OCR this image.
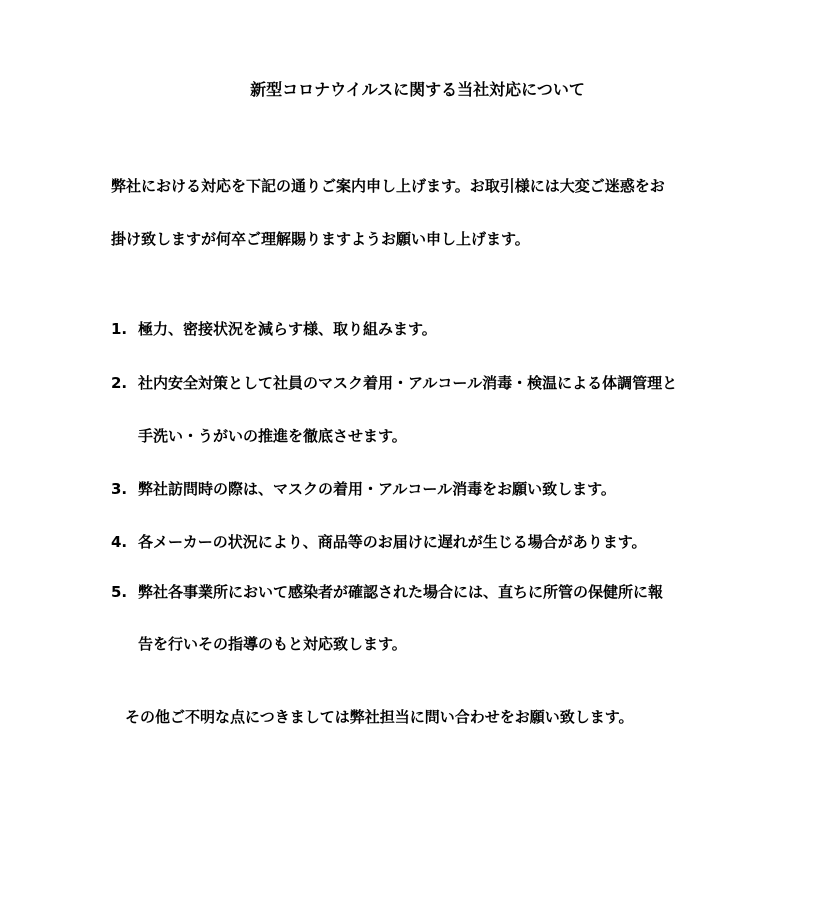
新型コロナウイルスに関する当社対応について
弊社における対応を下記の通りご案内申し上げます。お取引様には大変ご迷惑をお
掛け致しますが何卒ご理解賜りますようお願い申し上げます。
1. 極力、密接状況を減らす様、取り組みます。
2. 社内安全対策として社員のマスク着用・アルコール消毒・検温による体調管理と
手洗い・うがいの推進を徹底させます。
3. 弊社訪問時の際は、マスクの着用・アルコール消毒をお願い致します。
4. 各メーカーの状況により、商品等のお届けに遅れが生じる場合があります。
5. 弊社各事業所において感染者が確認された場合には、直ちに所管の保健所に報
告を行いその指導のもと対応致します。
その他ご不明な点につきましては弊社担当に問い合わせをお願い致します。
